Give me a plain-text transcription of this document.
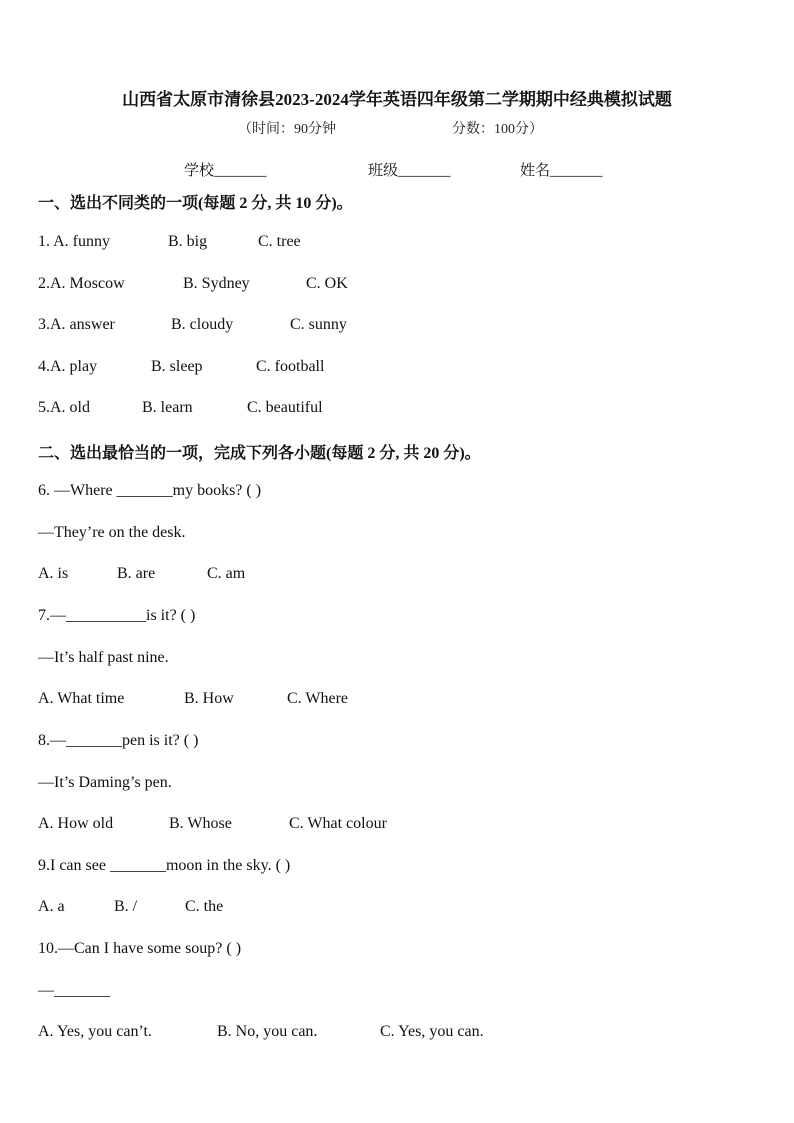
山西省太原市清徐县2023-2024学年英语四年级第二学期期中经典模拟试题
（时间：90分钟	分数：100分）
学校_______	班级_______	姓名_______
一、选出不同类的一项(每题 2 分, 共 10 分)。
1. A. funny	B. big	C. tree
2.A. Moscow	B. Sydney	C. OK
3.A. answer	B. cloudy	C. sunny
4.A. play	B. sleep	C. football
5.A. old	B. learn	C. beautiful
二、选出最恰当的一项，完成下列各小题(每题 2 分, 共 20 分)。
6. —Where _______my books? ( )
—They’re on the desk.
A. is	B. are	C. am
7.—__________is it? ( )
—It’s half past nine.
A. What time	B. How	C. Where
8.—_______pen is it? ( )
—It’s Daming’s pen.
A. How old	B. Whose	C. What colour
9.I can see _______moon in the sky. ( )
A. a	B. /	C. the
10.—Can I have some soup? ( )
—_______
A. Yes, you can’t.	B. No, you can.	C. Yes, you can.
